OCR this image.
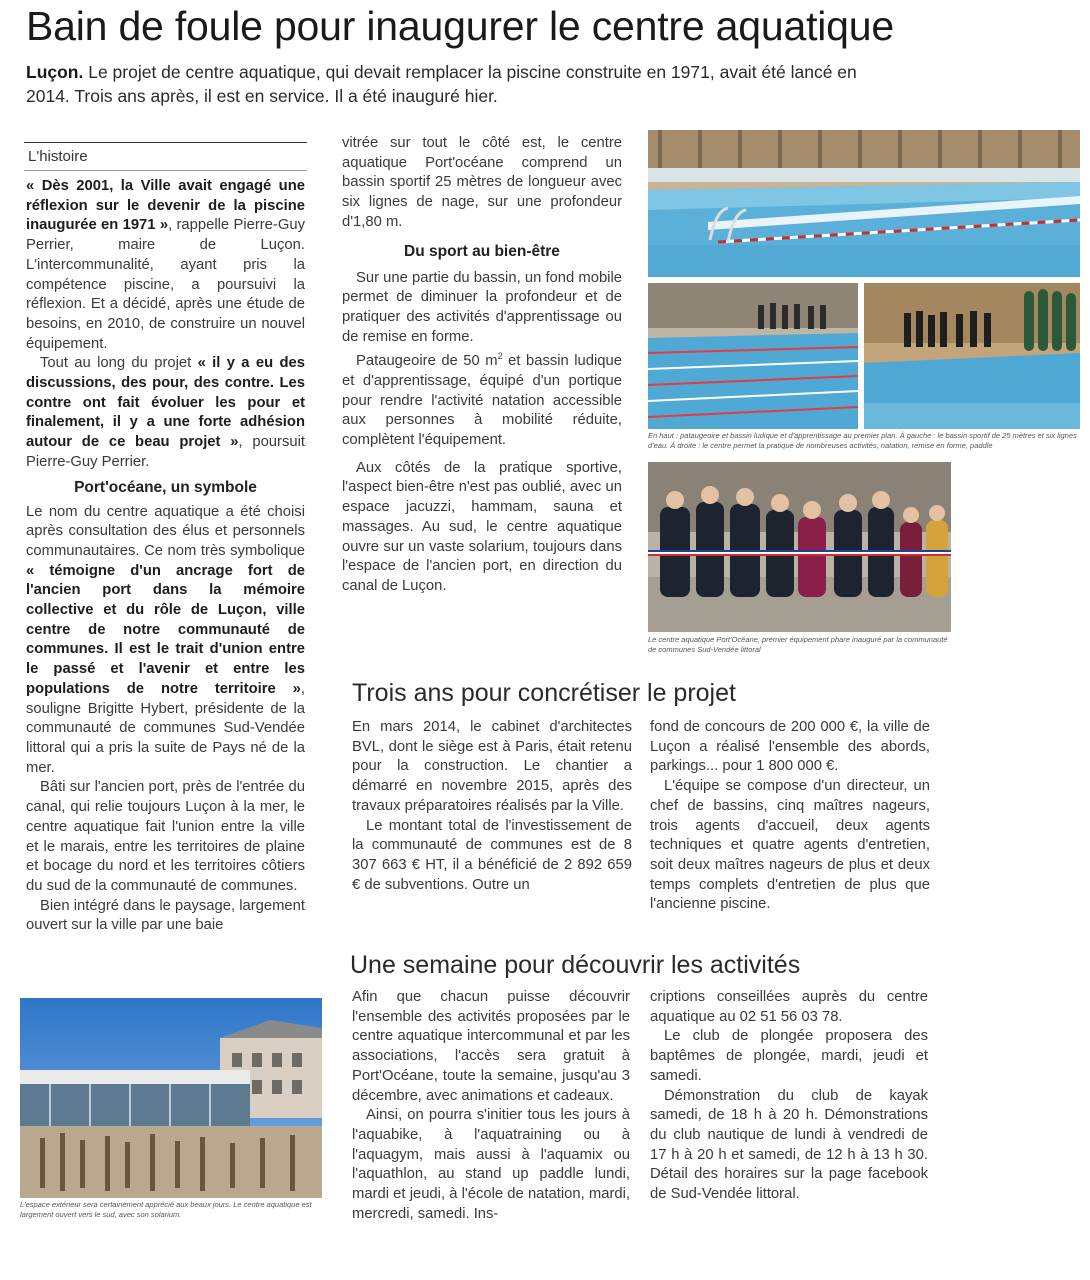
Bain de foule pour inaugurer le centre aquatique
Luçon. Le projet de centre aquatique, qui devait remplacer la piscine construite en 1971, avait été lancé en 2014. Trois ans après, il est en service. Il a été inauguré hier.
L'histoire

« Dès 2001, la Ville avait engagé une réflexion sur le devenir de la piscine inaugurée en 1971 », rappelle Pierre-Guy Perrier, maire de Luçon. L'intercommunalité, ayant pris la compétence piscine, a poursuivi la réflexion. Et a décidé, après une étude de besoins, en 2010, de construire un nouvel équipement.

Tout au long du projet « il y a eu des discussions, des pour, des contre. Les contre ont fait évoluer les pour et finalement, il y a une forte adhésion autour de ce beau projet », poursuit Pierre-Guy Perrier.

Port'océane, un symbole

Le nom du centre aquatique a été choisi après consultation des élus et personnels communautaires. Ce nom très symbolique « témoigne d'un ancrage fort de l'ancien port dans la mémoire collective et du rôle de Luçon, ville centre de notre communauté de communes. Il est le trait d'union entre le passé et l'avenir et entre les populations de notre territoire », souligne Brigitte Hybert, présidente de la communauté de communes Sud-Vendée littoral qui a pris la suite de Pays né de la mer.

Bâti sur l'ancien port, près de l'entrée du canal, qui relie toujours Luçon à la mer, le centre aquatique fait l'union entre la ville et le marais, entre les territoires de plaine et bocage du nord et les territoires côtiers du sud de la communauté de communes.

Bien intégré dans le paysage, largement ouvert sur la ville par une baie

vitrée sur tout le côté est, le centre aquatique Port'océane comprend un bassin sportif 25 mètres de longueur avec six lignes de nage, sur une profondeur d'1,80 m.

Du sport au bien-être

Sur une partie du bassin, un fond mobile permet de diminuer la profondeur et de pratiquer des activités d'apprentissage ou de remise en forme.

Pataugeoire de 50 $m^2$ et bassin ludique et d'apprentissage, équipé d'un portique pour rendre l'activité natation accessible aux personnes à mobilité réduite, complètent l'équipement.

Aux côtés de la pratique sportive, l'aspect bien-être n'est pas oublié, avec un espace jacuzzi, hammam, sauna et massages. Au sud, le centre aquatique ouvre sur un vaste solarium, toujours dans l'espace de l'ancien port, en direction du canal de Luçon.

En haut : pataugeoire et bassin ludique et d'apprentissage au premier plan. À gauche : le bassin sportif de 25 mètres et six lignes d'eau. À droite : le centre permet la pratique de nombreuses activités, natation, remise en forme, paddle
Le centre aquatique Port'Océane, premier équipement phare inauguré par la communauté de communes Sud-Vendée littoral
Trois ans pour concrétiser le projet

En mars 2014, le cabinet d'architectes BVL, dont le siège est à Paris, était retenu pour la construction. Le chantier a démarré en novembre 2015, après des travaux préparatoires réalisés par la Ville.

Le montant total de l'investissement de la communauté de communes est de 8 307 663 € HT, il a bénéficié de 2 892 659 € de subventions. Outre un

fond de concours de 200 000 €, la ville de Luçon a réalisé l'ensemble des abords, parkings... pour 1 800 000 €.

L'équipe se compose d'un directeur, un chef de bassins, cinq maîtres nageurs, trois agents d'accueil, deux agents techniques et quatre agents d'entretien, soit deux maîtres nageurs de plus et deux temps complets d'entretien de plus que l'ancienne piscine.

Une semaine pour découvrir les activités

Afin que chacun puisse découvrir l'ensemble des activités proposées par le centre aquatique intercommunal et par les associations, l'accès sera gratuit à Port'Océane, toute la semaine, jusqu'au 3 décembre, avec animations et cadeaux.

Ainsi, on pourra s'initier tous les jours à l'aquabike, à l'aquatraining ou à l'aquagym, mais aussi à l'aquamix ou l'aquathlon, au stand up paddle lundi, mardi et jeudi, à l'école de natation, mardi, mercredi, samedi. Ins-

criptions conseillées auprès du centre aquatique au 02 51 56 03 78.

Le club de plongée proposera des baptêmes de plongée, mardi, jeudi et samedi.

Démonstration du club de kayak samedi, de 18 h à 20 h. Démonstrations du club nautique de lundi à vendredi de 17 h à 20 h et samedi, de 12 h à 13 h 30. Détail des horaires sur la page facebook de Sud-Vendée littoral.

L'espace extérieur sera certainement apprécié aux beaux jours. Le centre aquatique est largement ouvert vers le sud, avec son solarium.
